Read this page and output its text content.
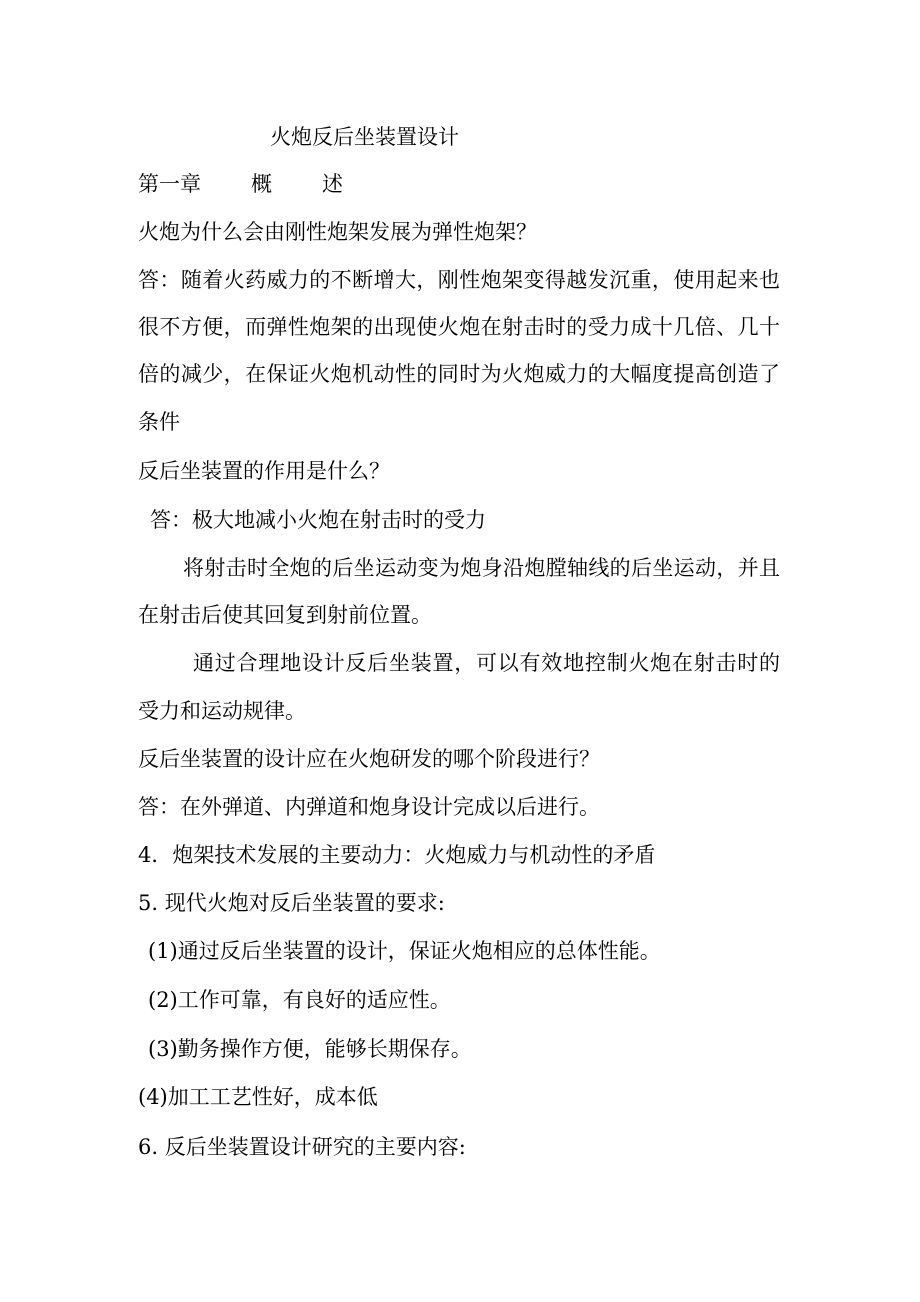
火炮反后坐装置设计
第一章 概 述
火炮为什么会由刚性炮架发展为弹性炮架？
答：随着火药威力的不断增大，刚性炮架变得越发沉重，使用起来也
很不方便，而弹性炮架的出现使火炮在射击时的受力成十几倍、几十
倍的减少，在保证火炮机动性的同时为火炮威力的大幅度提高创造了
条件
反后坐装置的作用是什么？
答：极大地减小火炮在射击时的受力
将射击时全炮的后坐运动变为炮身沿炮膛轴线的后坐运动，并且
在射击后使其回复到射前位置。
通过合理地设计反后坐装置，可以有效地控制火炮在射击时的
受力和运动规律。
反后坐装置的设计应在火炮研发的哪个阶段进行？
答：在外弹道、内弹道和炮身设计完成以后进行。
4．炮架技术发展的主要动力：火炮威力与机动性的矛盾
5. 现代火炮对反后坐装置的要求:
(1)通过反后坐装置的设计，保证火炮相应的总体性能。
(2)工作可靠，有良好的适应性。
(3)勤务操作方便，能够长期保存。
(4)加工工艺性好，成本低
6. 反后坐装置设计研究的主要内容:
